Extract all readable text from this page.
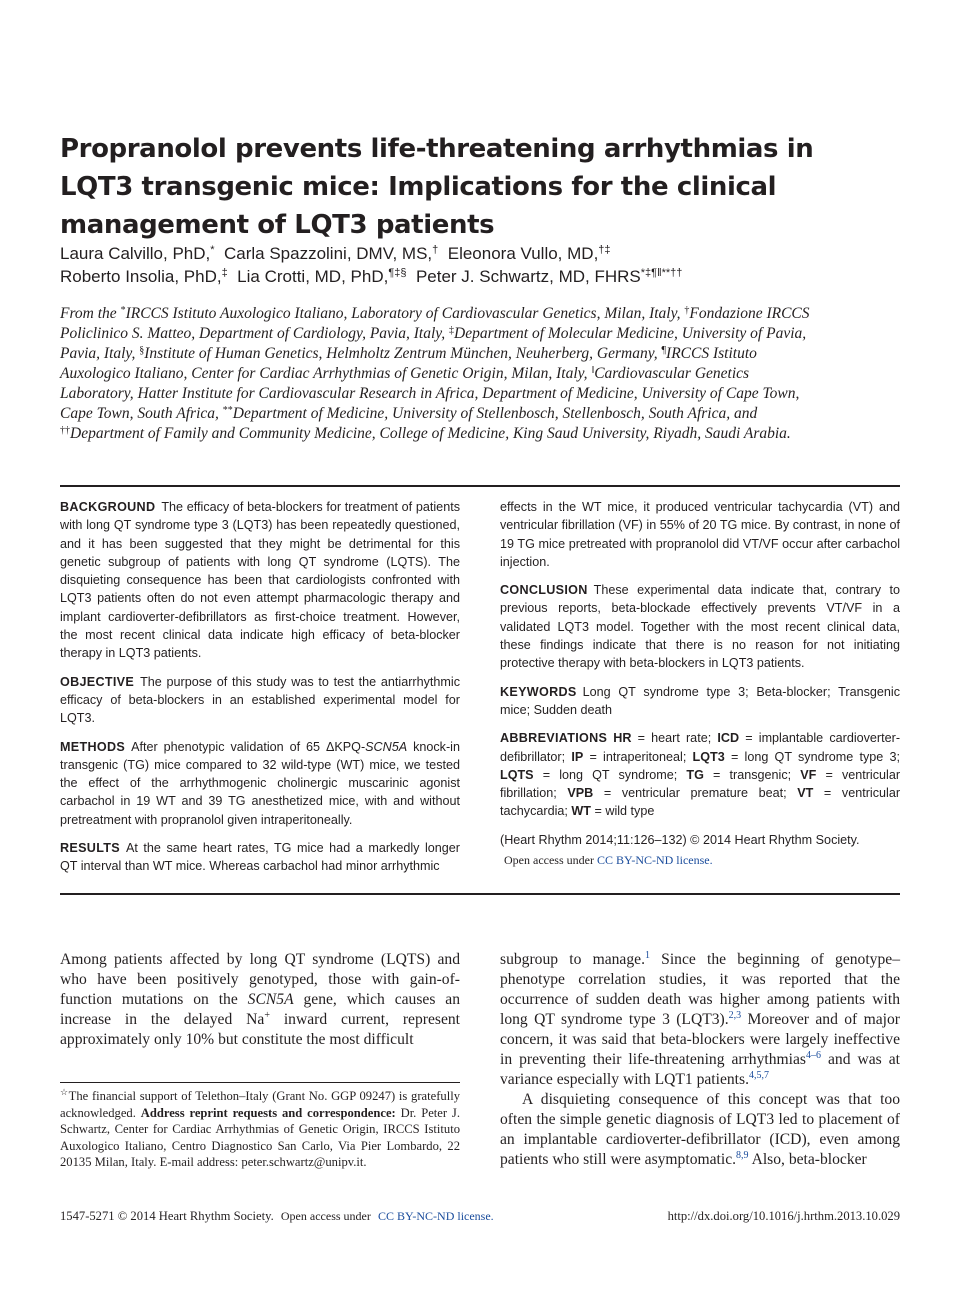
Propranolol prevents life-threatening arrhythmias in LQT3 transgenic mice: Implications for the clinical management of LQT3 patients
Laura Calvillo, PhD,* Carla Spazzolini, DMV, MS,† Eleonora Vullo, MD,†‡
Roberto Insolia, PhD,‡ Lia Crotti, MD, PhD,¶‡§ Peter J. Schwartz, MD, FHRS*‡¶‖**††
From the *IRCCS Istituto Auxologico Italiano, Laboratory of Cardiovascular Genetics, Milan, Italy, †Fondazione IRCCS Policlinico S. Matteo, Department of Cardiology, Pavia, Italy, ‡Department of Molecular Medicine, University of Pavia, Pavia, Italy, §Institute of Human Genetics, Helmholtz Zentrum München, Neuherberg, Germany, ¶IRCCS Istituto Auxologico Italiano, Center for Cardiac Arrhythmias of Genetic Origin, Milan, Italy, ‖Cardiovascular Genetics Laboratory, Hatter Institute for Cardiovascular Research in Africa, Department of Medicine, University of Cape Town, Cape Town, South Africa, **Department of Medicine, University of Stellenbosch, Stellenbosch, South Africa, and ††Department of Family and Community Medicine, College of Medicine, King Saud University, Riyadh, Saudi Arabia.

BACKGROUND The efficacy of beta-blockers for treatment of patients with long QT syndrome type 3 (LQT3) has been repeatedly questioned, and it has been suggested that they might be detrimental for this genetic subgroup of patients with long QT syndrome (LQTS). The disquieting consequence has been that cardiologists confronted with LQT3 patients often do not even attempt pharmacologic therapy and implant cardioverter-defibrillators as first-choice treatment. However, the most recent clinical data indicate high efficacy of beta-blocker therapy in LQT3 patients.

OBJECTIVE The purpose of this study was to test the antiarrhythmic efficacy of beta-blockers in an established experimental model for LQT3.

METHODS After phenotypic validation of 65 ΔKPQ-SCN5A knock-in transgenic (TG) mice compared to 32 wild-type (WT) mice, we tested the effect of the arrhythmogenic cholinergic muscarinic agonist carbachol in 19 WT and 39 TG anesthetized mice, with and without pretreatment with propranolol given intraperitoneally.

RESULTS At the same heart rates, TG mice had a markedly longer QT interval than WT mice. Whereas carbachol had minor arrhythmic

effects in the WT mice, it produced ventricular tachycardia (VT) and ventricular fibrillation (VF) in 55% of 20 TG mice. By contrast, in none of 19 TG mice pretreated with propranolol did VT/VF occur after carbachol injection.

CONCLUSION These experimental data indicate that, contrary to previous reports, beta-blockade effectively prevents VT/VF in a validated LQT3 model. Together with the most recent clinical data, these findings indicate that there is no reason for not initiating protective therapy with beta-blockers in LQT3 patients.

KEYWORDS Long QT syndrome type 3; Beta-blocker; Transgenic mice; Sudden death

ABBREVIATIONS HR = heart rate; ICD = implantable cardioverter-defibrillator; IP = intraperitoneal; LQT3 = long QT syndrome type 3; LQTS = long QT syndrome; TG = transgenic; VF = ventricular fibrillation; VPB = ventricular premature beat; VT = ventricular tachycardia; WT = wild type

(Heart Rhythm 2014;11:126–132) © 2014 Heart Rhythm Society.

Open access under CC BY-NC-ND license.

Among patients affected by long QT syndrome (LQTS) and who have been positively genotyped, those with gain-of-function mutations on the SCN5A gene, which causes an increase in the delayed Na+ inward current, represent approximately only 10% but constitute the most difficult

☆The financial support of Telethon–Italy (Grant No. GGP 09247) is gratefully acknowledged. Address reprint requests and correspondence: Dr. Peter J. Schwartz, Center for Cardiac Arrhythmias of Genetic Origin, IRCCS Istituto Auxologico Italiano, Centro Diagnostico San Carlo, Via Pier Lombardo, 22 20135 Milan, Italy. E-mail address: peter.schwartz@unipv.it.

subgroup to manage.$^1$ Since the beginning of genotype–phenotype correlation studies, it was reported that the occurrence of sudden death was higher among patients with long QT syndrome type 3 (LQT3).$^{2,3}$ Moreover and of major concern, it was said that beta-blockers were largely ineffective in preventing their life-threatening arrhythmias$^{4-6}$ and was at variance especially with LQT1 patients.$^{4,5,7}$

A disquieting consequence of this concept was that too often the simple genetic diagnosis of LQT3 led to placement of an implantable cardioverter-defibrillator (ICD), even among patients who still were asymptomatic.$^{8,9}$ Also, beta-blocker

1547-5271 © 2014 Heart Rhythm Society. Open access under CC BY-NC-ND license.	http://dx.doi.org/10.1016/j.hrthm.2013.10.029
